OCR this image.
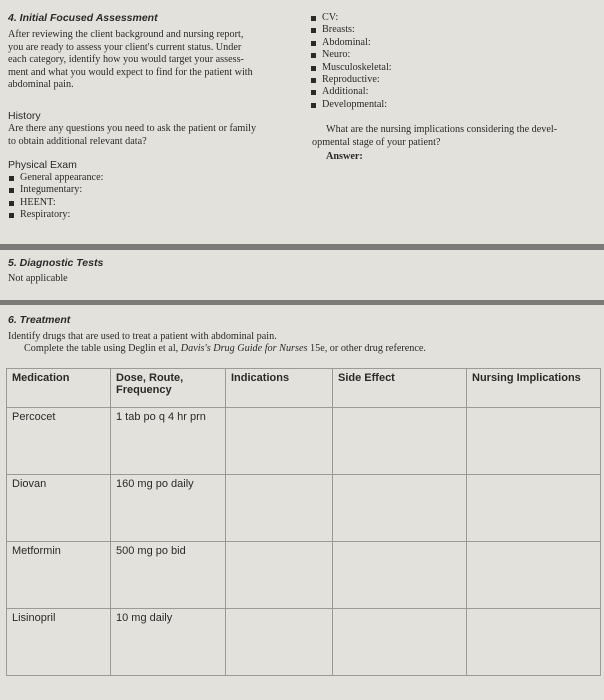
4. Initial Focused Assessment
After reviewing the client background and nursing report,
you are ready to assess your client's current status. Under
each category, identify how you would target your assess-
ment and what you would expect to find for the patient with
abdominal pain.
History
Are there any questions you need to ask the patient or family
to obtain additional relevant data?
Physical Exam
General appearance:
Integumentary:
HEENT:
Respiratory:
CV:
Breasts:
Abdominal:
Neuro:
Musculoskeletal:
Reproductive:
Additional:
Developmental:
What are the nursing implications considering the devel-
opmental stage of your patient?
Answer:
5. Diagnostic Tests
Not applicable
6. Treatment
Identify drugs that are used to treat a patient with abdominal pain.
Complete the table using Deglin et al, Davis's Drug Guide for Nurses 15e, or other drug reference.
Medication	Dose, Route, Frequency	Indications	Side Effect	Nursing Implications
Percocet	1 tab po q 4 hr prn			
Diovan	160 mg po daily			
Metformin	500 mg po bid			
Lisinopril	10 mg daily			
